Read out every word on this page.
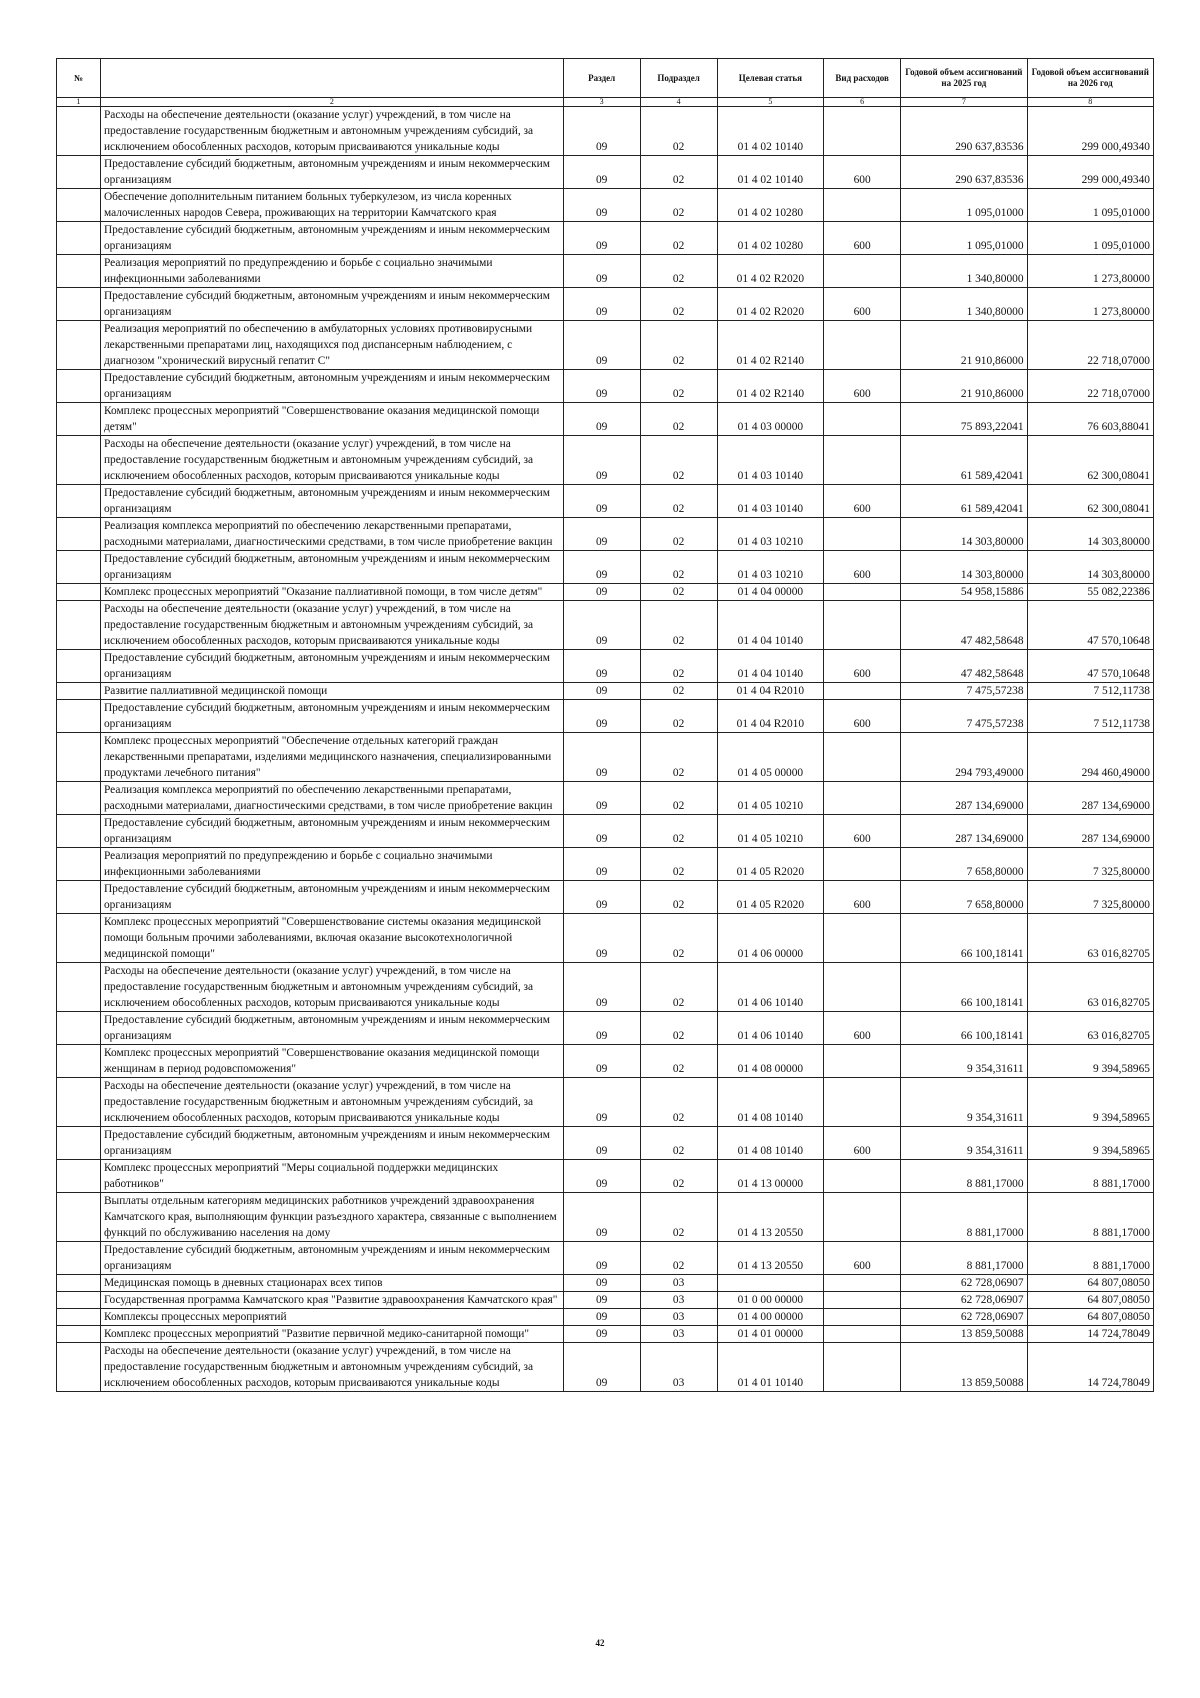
№		Раздел	Подраздел	Целевая статья	Вид расходов	Годовой объем ассигнований на 2025 год	Годовой объем ассигнований на 2026 год
1	2	3	4	5	6	7	8
	Расходы на обеспечение деятельности (оказание услуг) учреждений, в том числе на предоставление государственным бюджетным и автономным учреждениям субсидий, за исключением обособленных расходов, которым присваиваются уникальные коды	09	02	01 4 02 10140		290 637,83536	299 000,49340
	Предоставление субсидий бюджетным, автономным учреждениям и иным некоммерческим организациям	09	02	01 4 02 10140	600	290 637,83536	299 000,49340
	Обеспечение дополнительным питанием больных туберкулезом, из числа коренных малочисленных народов Севера, проживающих на территории Камчатского края	09	02	01 4 02 10280		1 095,01000	1 095,01000
	Предоставление субсидий бюджетным, автономным учреждениям и иным некоммерческим организациям	09	02	01 4 02 10280	600	1 095,01000	1 095,01000
	Реализация мероприятий по предупреждению и борьбе с социально значимыми инфекционными заболеваниями	09	02	01 4 02 R2020		1 340,80000	1 273,80000
	Предоставление субсидий бюджетным, автономным учреждениям и иным некоммерческим организациям	09	02	01 4 02 R2020	600	1 340,80000	1 273,80000
	Реализация мероприятий по обеспечению в амбулаторных условиях противовирусными лекарственными препаратами лиц, находящихся под диспансерным наблюдением, с диагнозом "хронический вирусный гепатит С"	09	02	01 4 02 R2140		21 910,86000	22 718,07000
	Предоставление субсидий бюджетным, автономным учреждениям и иным некоммерческим организациям	09	02	01 4 02 R2140	600	21 910,86000	22 718,07000
	Комплекс процессных мероприятий "Совершенствование оказания медицинской помощи детям"	09	02	01 4 03 00000		75 893,22041	76 603,88041
	Расходы на обеспечение деятельности (оказание услуг) учреждений, в том числе на предоставление государственным бюджетным и автономным учреждениям субсидий, за исключением обособленных расходов, которым присваиваются уникальные коды	09	02	01 4 03 10140		61 589,42041	62 300,08041
	Предоставление субсидий бюджетным, автономным учреждениям и иным некоммерческим организациям	09	02	01 4 03 10140	600	61 589,42041	62 300,08041
	Реализация комплекса мероприятий по обеспечению лекарственными препаратами, расходными материалами, диагностическими средствами, в том числе приобретение вакцин	09	02	01 4 03 10210		14 303,80000	14 303,80000
	Предоставление субсидий бюджетным, автономным учреждениям и иным некоммерческим организациям	09	02	01 4 03 10210	600	14 303,80000	14 303,80000
	Комплекс процессных мероприятий "Оказание паллиативной помощи, в том числе детям"	09	02	01 4 04 00000		54 958,15886	55 082,22386
	Расходы на обеспечение деятельности (оказание услуг) учреждений, в том числе на предоставление государственным бюджетным и автономным учреждениям субсидий, за исключением обособленных расходов, которым присваиваются уникальные коды	09	02	01 4 04 10140		47 482,58648	47 570,10648
	Предоставление субсидий бюджетным, автономным учреждениям и иным некоммерческим организациям	09	02	01 4 04 10140	600	47 482,58648	47 570,10648
	Развитие паллиативной медицинской помощи	09	02	01 4 04 R2010		7 475,57238	7 512,11738
	Предоставление субсидий бюджетным, автономным учреждениям и иным некоммерческим организациям	09	02	01 4 04 R2010	600	7 475,57238	7 512,11738
	Комплекс процессных мероприятий "Обеспечение отдельных категорий граждан лекарственными препаратами, изделиями медицинского назначения, специализированными продуктами лечебного питания"	09	02	01 4 05 00000		294 793,49000	294 460,49000
	Реализация комплекса мероприятий по обеспечению лекарственными препаратами, расходными материалами, диагностическими средствами, в том числе приобретение вакцин	09	02	01 4 05 10210		287 134,69000	287 134,69000
	Предоставление субсидий бюджетным, автономным учреждениям и иным некоммерческим организациям	09	02	01 4 05 10210	600	287 134,69000	287 134,69000
	Реализация мероприятий по предупреждению и борьбе с социально значимыми инфекционными заболеваниями	09	02	01 4 05 R2020		7 658,80000	7 325,80000
	Предоставление субсидий бюджетным, автономным учреждениям и иным некоммерческим организациям	09	02	01 4 05 R2020	600	7 658,80000	7 325,80000
	Комплекс процессных мероприятий "Совершенствование системы оказания медицинской помощи больным прочими заболеваниями, включая оказание высокотехнологичной медицинской помощи"	09	02	01 4 06 00000		66 100,18141	63 016,82705
	Расходы на обеспечение деятельности (оказание услуг) учреждений, в том числе на предоставление государственным бюджетным и автономным учреждениям субсидий, за исключением обособленных расходов, которым присваиваются уникальные коды	09	02	01 4 06 10140		66 100,18141	63 016,82705
	Предоставление субсидий бюджетным, автономным учреждениям и иным некоммерческим организациям	09	02	01 4 06 10140	600	66 100,18141	63 016,82705
	Комплекс процессных мероприятий "Совершенствование оказания медицинской помощи женщинам в период родовспоможения"	09	02	01 4 08 00000		9 354,31611	9 394,58965
	Расходы на обеспечение деятельности (оказание услуг) учреждений, в том числе на предоставление государственным бюджетным и автономным учреждениям субсидий, за исключением обособленных расходов, которым присваиваются уникальные коды	09	02	01 4 08 10140		9 354,31611	9 394,58965
	Предоставление субсидий бюджетным, автономным учреждениям и иным некоммерческим организациям	09	02	01 4 08 10140	600	9 354,31611	9 394,58965
	Комплекс процессных мероприятий "Меры социальной поддержки медицинских работников"	09	02	01 4 13 00000		8 881,17000	8 881,17000
	Выплаты отдельным категориям медицинских работников учреждений здравоохранения Камчатского края, выполняющим функции разъездного характера, связанные с выполнением функций по обслуживанию населения на дому	09	02	01 4 13 20550		8 881,17000	8 881,17000
	Предоставление субсидий бюджетным, автономным учреждениям и иным некоммерческим организациям	09	02	01 4 13 20550	600	8 881,17000	8 881,17000
	Медицинская помощь в дневных стационарах всех типов	09	03			62 728,06907	64 807,08050
	Государственная программа Камчатского края "Развитие здравоохранения Камчатского края"	09	03	01 0 00 00000		62 728,06907	64 807,08050
	Комплексы процессных мероприятий	09	03	01 4 00 00000		62 728,06907	64 807,08050
	Комплекс процессных мероприятий "Развитие первичной медико-санитарной помощи"	09	03	01 4 01 00000		13 859,50088	14 724,78049
	Расходы на обеспечение деятельности (оказание услуг) учреждений, в том числе на предоставление государственным бюджетным и автономным учреждениям субсидий, за исключением обособленных расходов, которым присваиваются уникальные коды	09	03	01 4 01 10140		13 859,50088	14 724,78049
42
